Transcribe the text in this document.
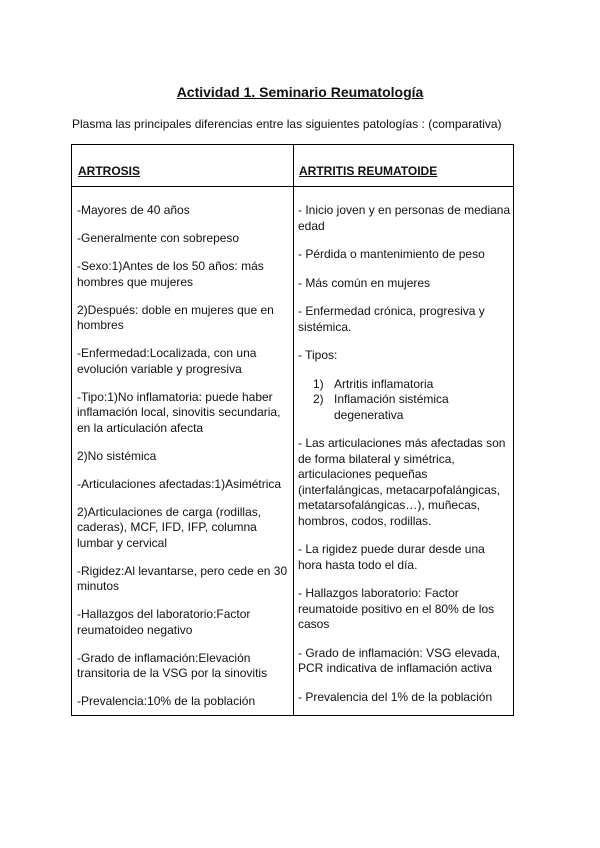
Actividad 1. Seminario Reumatología
Plasma las principales diferencias entre las siguientes patologías : (comparativa)
ARTROSIS	ARTRITIS REUMATOIDE

-Mayores de 40 años

-Generalmente con sobrepeso

-Sexo:1)Antes de los 50 años: más hombres que mujeres

2)Después: doble en mujeres que en hombres

-Enfermedad:Localizada, con una evolución variable y progresiva

-Tipo:1)No inflamatoria: puede haber inflamación local, sinovitis secundaria, en la articulación afecta

2)No sistémica

-Articulaciones afectadas:1)Asimétrica

2)Articulaciones de carga (rodillas, caderas), MCF, IFD, IFP, columna lumbar y cervical

-Rigidez:Al levantarse, pero cede en 30 minutos

-Hallazgos del laboratorio:Factor reumatoideo negativo

-Grado de inflamación:Elevación transitoria de la VSG por la sinovitis

-Prevalencia:10% de la población

- Inicio joven y en personas de mediana edad

- Pérdida o mantenimiento de peso

- Más común en mujeres

- Enfermedad crónica, progresiva y sistémica.

- Tipos:

1) Artritis inflamatoria
2) Inflamación sistémica degenerativa

- Las articulaciones más afectadas son de forma bilateral y simétrica, articulaciones pequeñas (interfalángicas, metacarpofalángicas, metatarsofalángicas…), muñecas, hombros, codos, rodillas.

- La rigidez puede durar desde una hora hasta todo el día.

- Hallazgos laboratorio: Factor reumatoide positivo en el 80% de los casos

- Grado de inflamación: VSG elevada, PCR indicativa de inflamación activa

- Prevalencia del 1% de la población
